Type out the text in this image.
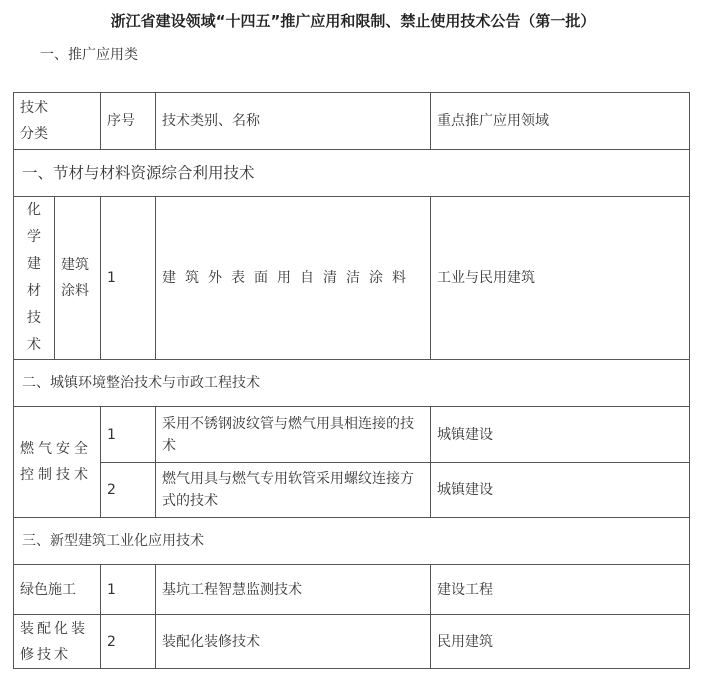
浙江省建设领域“十四五”推广应用和限制、禁止使用技术公告（第一批）
一、推广应用类
技术分类		序号	技术类别、名称	重点推广应用领域
一、节材与材料资源综合利用技术				

化学建材技术	建筑涂料	1	建筑外表面用自清洁涂料	工业与民用建筑
二、城镇环境整治技术与市政工程技术				

燃气安全控制技术		1	采用不锈钢波纹管与燃气用具相连接的技术	城镇建设
		2	燃气用具与燃气专用软管采用螺纹连接方式的技术	城镇建设
三、新型建筑工业化应用技术				
绿色施工		1	基坑工程智慧监测技术	建设工程

装配化装修技术		2	装配化装修技术	民用建筑
